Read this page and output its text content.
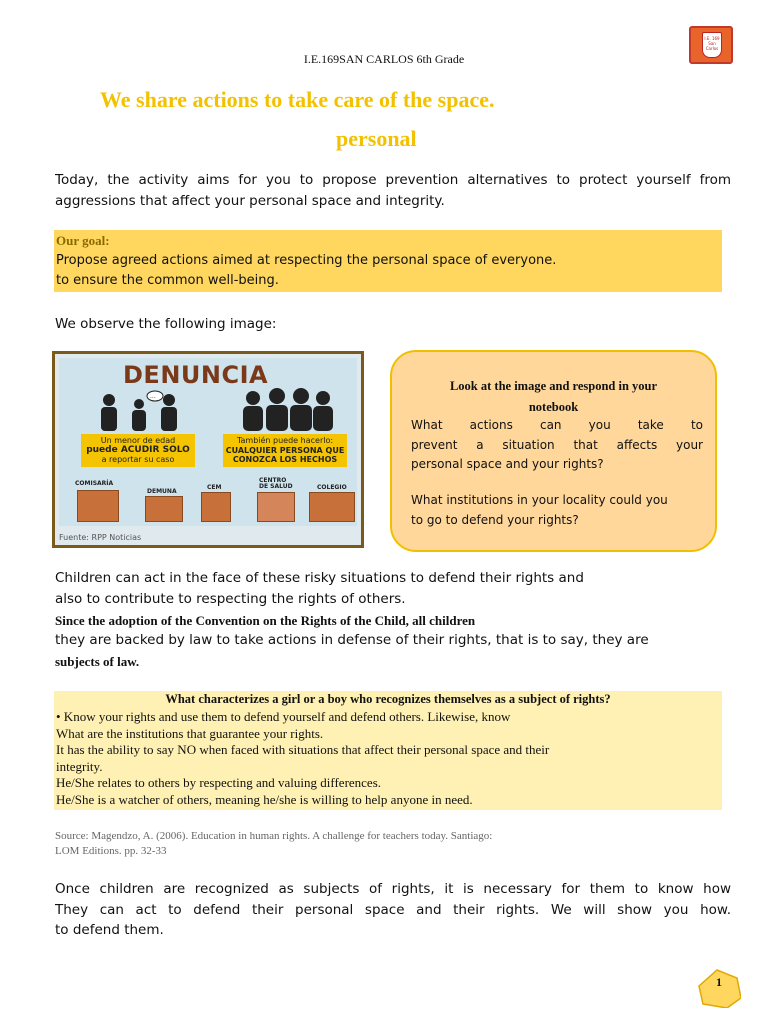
I.E.169SAN CARLOS 6th Grade
I.E. 169 San Carlos
We share actions to take care of the space.
personal
Today, the activity aims for you to propose prevention alternatives to protect yourself from aggressions that affect your personal space and integrity.
Our goal:
Propose agreed actions aimed at respecting the personal space of everyone.
to ensure the common well-being.
We observe the following image:
DENUNCIA
...
Un menor de edad
puede ACUDIR SOLO
a reportar su caso
También puede hacerlo:
CUALQUIER PERSONA QUE
CONOZCA LOS HECHOS
COMISARÍA
DEMUNA
CEM
CENTRO DE SALUD	COLEGIO
Fuente: RPP Noticias
Look at the image and respond in your
notebook
What actions can you take to
prevent a situation that affects your
personal space and your rights?
What institutions in your locality could you
to go to defend your rights?
Children can act in the face of these risky situations to defend their rights and
also to contribute to respecting the rights of others.
Since the adoption of the Convention on the Rights of the Child, all children
they are backed by law to take actions in defense of their rights, that is to say, they are
subjects of law.
What characterizes a girl or a boy who recognizes themselves as a subject of rights?
• Know your rights and use them to defend yourself and defend others. Likewise, know
What are the institutions that guarantee your rights.
It has the ability to say NO when faced with situations that affect their personal space and their
integrity.
He/She relates to others by respecting and valuing differences.
He/She is a watcher of others, meaning he/she is willing to help anyone in need.
Source: Magendzo, A. (2006). Education in human rights. A challenge for teachers today. Santiago:
LOM Editions. pp. 32-33
Once children are recognized as subjects of rights, it is necessary for them to know how
They can act to defend their personal space and their rights. We will show you how.
to defend them.
1
